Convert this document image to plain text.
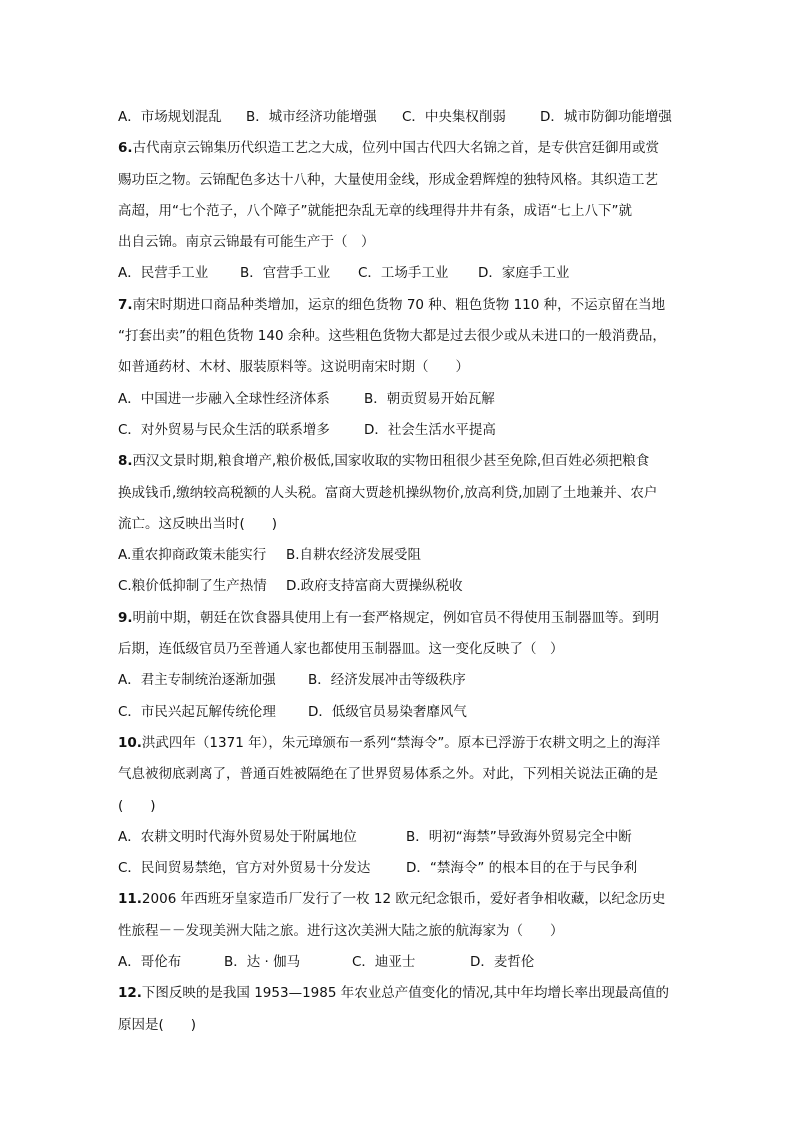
A．市场规划混乱 B．城市经济功能增强 C．中央集权削弱	D．城市防御功能增强
6.古代南京云锦集历代织造工艺之大成，位列中国古代四大名锦之首，是专供宫廷御用或赏
赐功臣之物。云锦配色多达十八种，大量使用金线，形成金碧辉煌的独特风格。其织造工艺
高超，用“七个范子，八个障子”就能把杂乱无章的线理得井井有条，成语“七上八下”就
出自云锦。南京云锦最有可能生产于（　）
A．民营手工业 B．官营手工业 C．工场手工业 D．家庭手工业
7.南宋时期进口商品种类增加，运京的细色货物 70 种、粗色货物 110 种，不运京留在当地
“打套出卖”的粗色货物 140 余种。这些粗色货物大都是过去很少或从未进口的一般消费品，
如普通药材、木材、服装原料等。这说明南宋时期（　　）
A．中国进一步融入全球性经济体系	B．朝贡贸易开始瓦解
C．对外贸易与民众生活的联系增多	D．社会生活水平提高
8.西汉文景时期,粮食增产,粮价极低,国家收取的实物田租很少甚至免除,但百姓必须把粮食
换成钱币,缴纳较高税额的人头税。富商大贾趁机操纵物价,放高利贷,加剧了土地兼并、农户
流亡。这反映出当时(　　)
A.重农抑商政策未能实行 B.自耕农经济发展受阻
C.粮价低抑制了生产热情 D.政府支持富商大贾操纵税收
9.明前中期，朝廷在饮食器具使用上有一套严格规定，例如官员不得使用玉制器皿等。到明
后期，连低级官员乃至普通人家也都使用玉制器皿。这一变化反映了（　）
A．君主专制统治逐渐加强 B．经济发展冲击等级秩序
C．市民兴起瓦解传统伦理 D．低级官员易染奢靡风气
10.洪武四年（1371 年），朱元璋颁布一系列“禁海令”。原本已浮游于农耕文明之上的海洋
气息被彻底剥离了，普通百姓被隔绝在了世界贸易体系之外。对此，下列相关说法正确的是
(　　)
A．农耕文明时代海外贸易处于附属地位	B．明初“海禁”导致海外贸易完全中断
C．民间贸易禁绝，官方对外贸易十分发达	D．“禁海令” 的根本目的在于与民争利
11.2006 年西班牙皇家造币厂发行了一枚 12 欧元纪念银币，爱好者争相收藏，以纪念历史
性旅程－－发现美洲大陆之旅。进行这次美洲大陆之旅的航海家为（　　）
A．哥伦布	B．达 · 伽马	C．迪亚士	D．麦哲伦
12.下图反映的是我国 1953—1985 年农业总产值变化的情况,其中年均增长率出现最高值的
原因是(　　)
